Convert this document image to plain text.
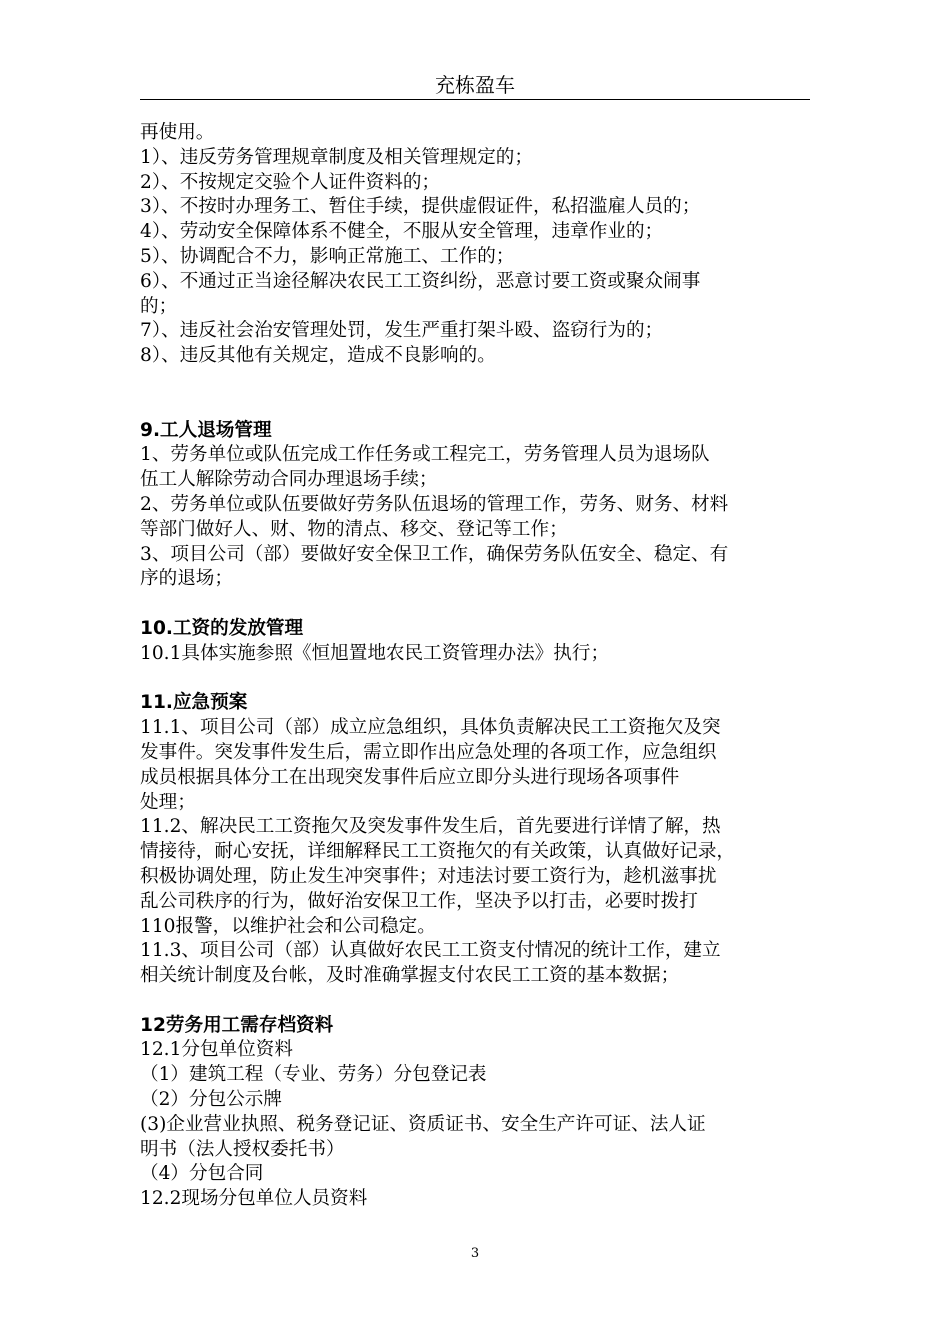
充栋盈车
再使用。
1）、违反劳务管理规章制度及相关管理规定的；
2）、不按规定交验个人证件资料的；
3）、不按时办理务工、暂住手续，提供虚假证件，私招滥雇人员的；
4）、劳动安全保障体系不健全，不服从安全管理，违章作业的；
5）、协调配合不力，影响正常施工、工作的；
6）、不通过正当途径解决农民工工资纠纷，恶意讨要工资或聚众闹事
的；
7）、违反社会治安管理处罚，发生严重打架斗殴、盗窃行为的；
8）、违反其他有关规定，造成不良影响的。
9.工人退场管理
1、劳务单位或队伍完成工作任务或工程完工，劳务管理人员为退场队
伍工人解除劳动合同办理退场手续；
2、劳务单位或队伍要做好劳务队伍退场的管理工作，劳务、财务、材料
等部门做好人、财、物的清点、移交、登记等工作；
3、项目公司（部）要做好安全保卫工作，确保劳务队伍安全、稳定、有
序的退场；
10.工资的发放管理
10.1具体实施参照《恒旭置地农民工资管理办法》执行；
11.应急预案
11.1、项目公司（部）成立应急组织，具体负责解决民工工资拖欠及突
发事件。突发事件发生后，需立即作出应急处理的各项工作，应急组织
成员根据具体分工在出现突发事件后应立即分头进行现场各项事件
处理；
11.2、解决民工工资拖欠及突发事件发生后，首先要进行详情了解，热
情接待，耐心安抚，详细解释民工工资拖欠的有关政策，认真做好记录，
积极协调处理，防止发生冲突事件；对违法讨要工资行为，趁机滋事扰
乱公司秩序的行为，做好治安保卫工作，坚决予以打击，必要时拨打
110报警，以维护社会和公司稳定。
11.3、项目公司（部）认真做好农民工工资支付情况的统计工作，建立
相关统计制度及台帐，及时准确掌握支付农民工工资的基本数据；
12劳务用工需存档资料
12.1分包单位资料
（1）建筑工程（专业、劳务）分包登记表
（2）分包公示牌
(3)企业营业执照、税务登记证、资质证书、安全生产许可证、法人证
明书（法人授权委托书）
（4）分包合同
12.2现场分包单位人员资料
3
